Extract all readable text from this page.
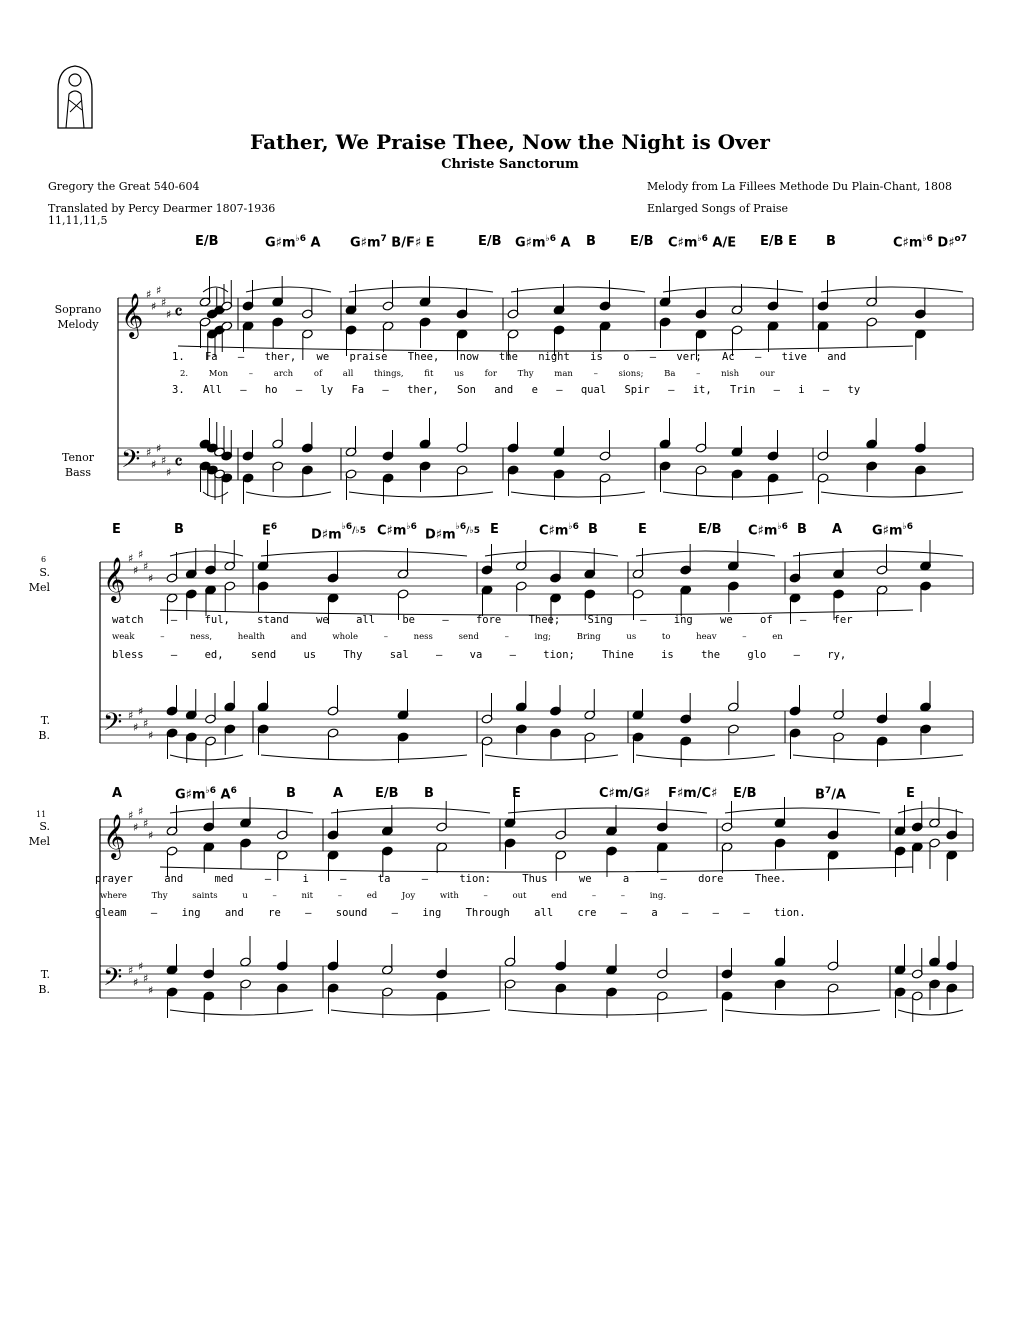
𝄞
𝄢
♯
♯
♯
♯
♯
♯
♯
♯
♯
♯
𝄴
𝄴
𝄞
𝄢
♯
♯
♯
♯
♯
♯
♯
♯
♯
♯
𝄞
𝄢
♯
♯
♯
♯
♯
♯
♯
♯
♯
♯
Father, We Praise Thee, Now the Night is Over
Christe Sanctorum
Gregory the Great 540-604
Translated by Percy Dearmer 1807-1936
11,11,11,5
Melody from La Fillees Methode Du Plain-Chant, 1808
Enlarged Songs of Praise
Soprano
Melody
Tenor
Bass
S.
Mel
T.
B.
S.
Mel
T.
B.
6
11
E/B	$G♯m^{♭6}$ A $G♯m^7$ B/F♯ E	E/B $G♯m^{♭6}$ A B	E/B $C♯m^{♭6}$ A/E E/B E B	$C♯m^{♭6}$ D♯$^{o7}$
1. Fa – ther, we praise Thee, now the night is o – ver; Ac – tive and
2. Mon – arch of all things, fit us for Thy man – sions; Ba – nish our
3. All – ho – ly Fa – ther, Son and e – qual Spir – it, Trin – i – ty
E	B	$E^6$
$D♯m^{^{♭6}/♭5}$ $C♯m^{♭6}$
$D♯m^{^{♭6}/♭5}$ E	$C♯m^{♭6}$ B	E	E/B $C♯m^{♭6}$ B A $G♯m^{♭6}$
watch – ful, stand we all be – fore Thee; Sing – ing we of – fer
weak – ness, health and whole – ness send – ing; Bring us to heav – en
bless – ed, send us Thy sal – va – tion; Thine is the glo – ry,
A	$G♯m^{♭6}$ $A^6$	B	A E/B B	E	C♯m/G♯ F♯m/C♯ E/B	$B^7/A$	E
prayer and med – i – ta – tion: Thus we a – dore Thee.
where Thy saints u – nit – ed Joy with – out end – – ing.
gleam – ing and re – sound – ing Through all cre – a – – – tion.
